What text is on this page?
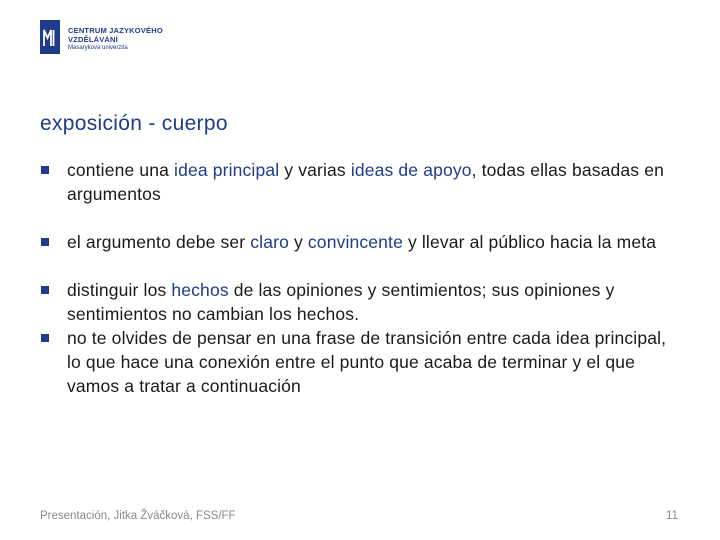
CENTRUM JAZYKOVÉHO
VZDĚLÁVÁNÍ
Masarykova univerzita
exposición - cuerpo
contiene una idea principal y varias ideas de apoyo, todas ellas basadas en argumentos
el argumento debe ser claro y convincente y llevar al público hacia la meta
distinguir los hechos de las opiniones y sentimientos; sus opiniones y sentimientos no cambian los hechos.
no te olvides de pensar en una frase de transición entre cada idea principal, lo que hace una conexión entre el punto que acaba de terminar y el que vamos a tratar a continuación
Presentación, Jitka Žváčková, FSS/FF	11
